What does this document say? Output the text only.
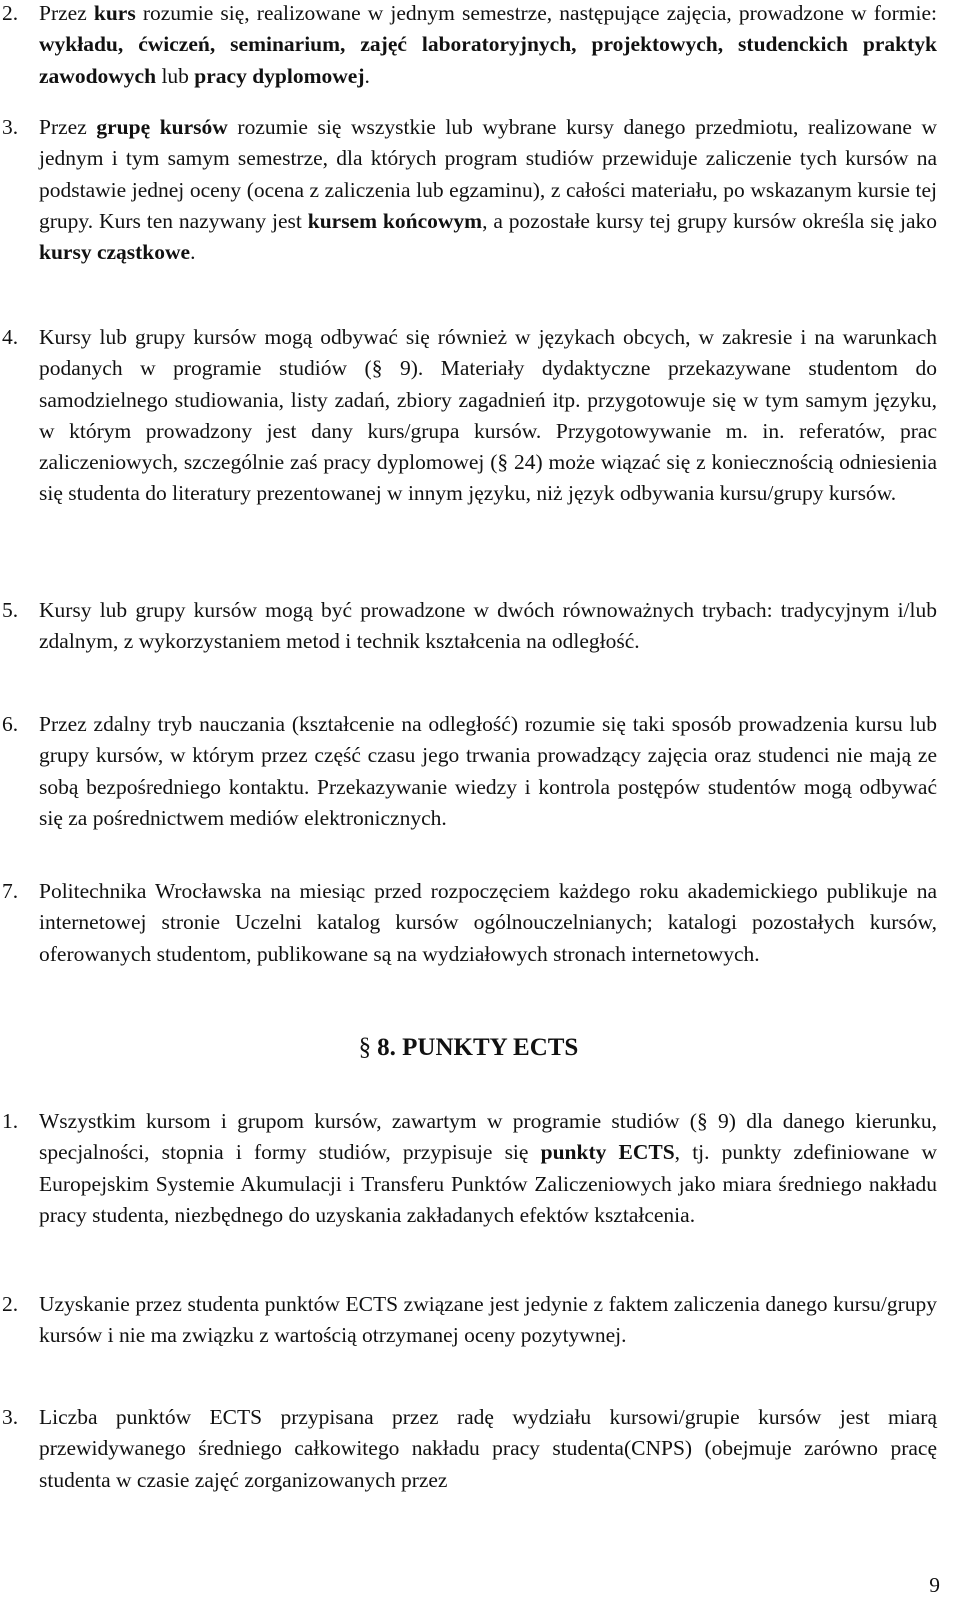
2. Przez kurs rozumie się, realizowane w jednym semestrze, następujące zajęcia, prowadzone w formie: wykładu, ćwiczeń, seminarium, zajęć laboratoryjnych, projektowych, studenckich praktyk zawodowych lub pracy dyplomowej.
3. Przez grupę kursów rozumie się wszystkie lub wybrane kursy danego przedmiotu, realizowane w jednym i tym samym semestrze, dla których program studiów przewiduje zaliczenie tych kursów na podstawie jednej oceny (ocena z zaliczenia lub egzaminu), z całości materiału, po wskazanym kursie tej grupy. Kurs ten nazywany jest kursem końcowym, a pozostałe kursy tej grupy kursów określa się jako kursy cząstkowe.
4. Kursy lub grupy kursów mogą odbywać się również w językach obcych, w zakresie i na warunkach podanych w programie studiów (§ 9). Materiały dydaktyczne przekazywane studentom do samodzielnego studiowania, listy zadań, zbiory zagadnień itp. przygotowuje się w tym samym języku, w którym prowadzony jest dany kurs/grupa kursów. Przygotowywanie m. in. referatów, prac zaliczeniowych, szczególnie zaś pracy dyplomowej (§ 24) może wiązać się z koniecznością odniesienia się studenta do literatury prezentowanej w innym języku, niż język odbywania kursu/grupy kursów.
5. Kursy lub grupy kursów mogą być prowadzone w dwóch równoważnych trybach: tradycyjnym i/lub zdalnym, z wykorzystaniem metod i technik kształcenia na odległość.
6. Przez zdalny tryb nauczania (kształcenie na odległość) rozumie się taki sposób prowadzenia kursu lub grupy kursów, w którym przez część czasu jego trwania prowadzący zajęcia oraz studenci nie mają ze sobą bezpośredniego kontaktu. Przekazywanie wiedzy i kontrola postępów studentów mogą odbywać się za pośrednictwem mediów elektronicznych.
7. Politechnika Wrocławska na miesiąc przed rozpoczęciem każdego roku akademickiego publikuje na internetowej stronie Uczelni katalog kursów ogólnouczelnianych; katalogi pozostałych kursów, oferowanych studentom, publikowane są na wydziałowych stronach internetowych.
§ 8. PUNKTY ECTS
1. Wszystkim kursom i grupom kursów, zawartym w programie studiów (§ 9) dla danego kierunku, specjalności, stopnia i formy studiów, przypisuje się punkty ECTS, tj. punkty zdefiniowane w Europejskim Systemie Akumulacji i Transferu Punktów Zaliczeniowych jako miara średniego nakładu pracy studenta, niezbędnego do uzyskania zakładanych efektów kształcenia.
2. Uzyskanie przez studenta punktów ECTS związane jest jedynie z faktem zaliczenia danego kursu/grupy kursów i nie ma związku z wartością otrzymanej oceny pozytywnej.
3. Liczba punktów ECTS przypisana przez radę wydziału kursowi/grupie kursów jest miarą przewidywanego średniego całkowitego nakładu pracy studenta(CNPS) (obejmuje zarówno pracę studenta w czasie zajęć zorganizowanych przez
9
